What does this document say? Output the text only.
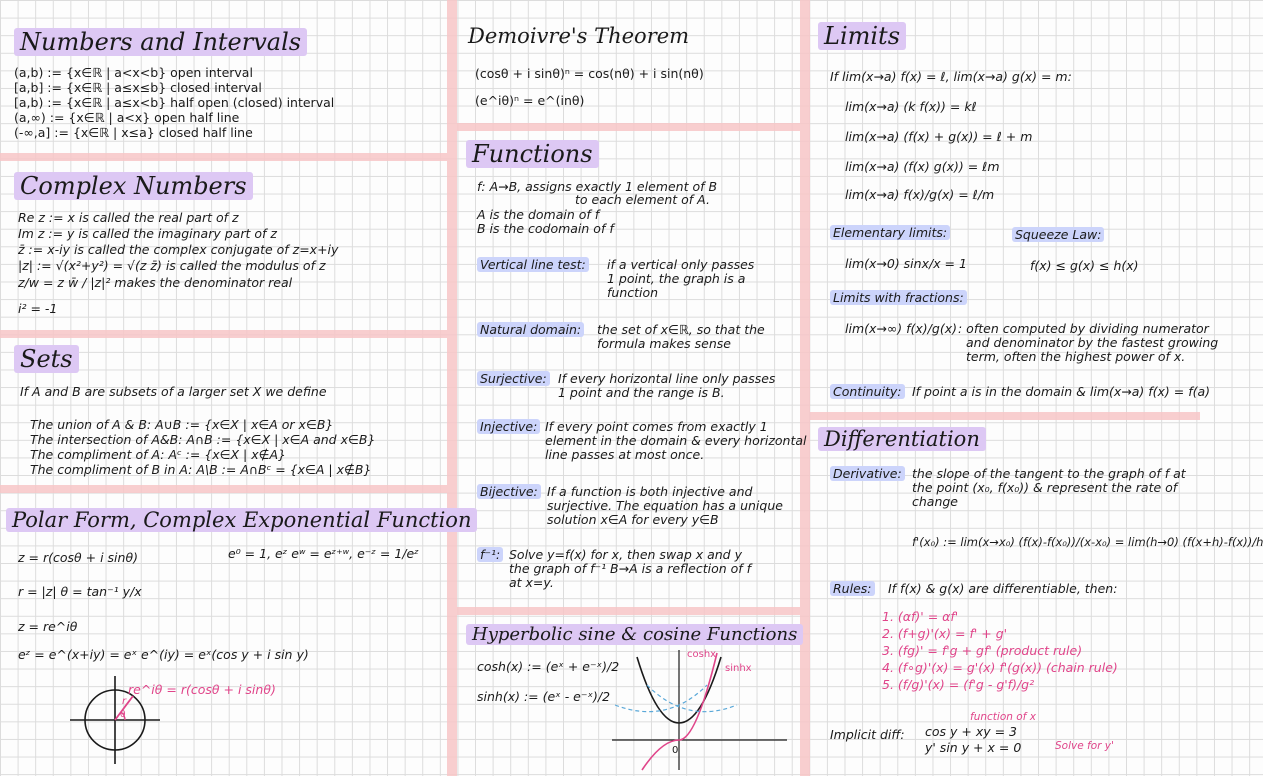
Numbers and Intervals
(a,b) := {x∈ℝ | a<x<b} open interval
[a,b] := {x∈ℝ | a≤x≤b} closed interval
[a,b) := {x∈ℝ | a≤x<b} half open (closed) interval
(a,∞) := {x∈ℝ | a<x} open half line
(-∞,a] := {x∈ℝ | x≤a} closed half line
Complex Numbers
Re z := x is called the real part of z
Im z := y is called the imaginary part of z
z̄ := x-iy is called the complex conjugate of z=x+iy
|z| := √(x²+y²) = √(z z̄) is called the modulus of z
z/w = z w̄ / |z|² makes the denominator real
i² = -1
Sets
If A and B are subsets of a larger set X we define
The union of A & B: A∪B := {x∈X | x∈A or x∈B}
The intersection of A&B: A∩B := {x∈X | x∈A and x∈B}
The compliment of A: Aᶜ := {x∈X | x∉A}
The compliment of B in A: A\B := A∩Bᶜ = {x∈A | x∉B}
Polar Form, Complex Exponential Function
z = r(cosθ + i sinθ)	e⁰ = 1, eᶻ eʷ = eᶻ⁺ʷ, e⁻ᶻ = 1/eᶻ
r = |z| θ = tan⁻¹ y/x
z = re^iθ
eᶻ = e^(x+iy) = eˣ e^(iy) = eˣ(cos y + i sin y)
r
θ
re^iθ = r(cosθ + i sinθ)
Demoivre's Theorem
(cosθ + i sinθ)ⁿ = cos(nθ) + i sin(nθ)
(e^iθ)ⁿ = e^(inθ)
Functions
f: A→B, assigns exactly 1 element of B
to each element of A.
A is the domain of f
B is the codomain of f
Vertical line test: if a vertical only passes
1 point, the graph is a
function
Natural domain: the set of x∈ℝ, so that the
formula makes sense
Surjective: If every horizontal line only passes
1 point and the range is B.
Injective: If every point comes from exactly 1
element in the domain & every horizontal
line passes at most once.
Bijective: If a function is both injective and
surjective. The equation has a unique
solution x∈A for every y∈B
f⁻¹: Solve y=f(x) for x, then swap x and y
the graph of f⁻¹ B→A is a reflection of f
at x=y.
Hyperbolic sine & cosine Functions
cosh(x) := (eˣ + e⁻ˣ)/2
sinh(x) := (eˣ - e⁻ˣ)/2
coshx
sinhx
0
Limits
If lim(x→a) f(x) = ℓ, lim(x→a) g(x) = m:
lim(x→a) (k f(x)) = kℓ
lim(x→a) (f(x) + g(x)) = ℓ + m
lim(x→a) (f(x) g(x)) = ℓm
lim(x→a) f(x)/g(x) = ℓ/m
Elementary limits:	Squeeze Law:
lim(x→0) sinx/x = 1	f(x) ≤ g(x) ≤ h(x)
Limits with fractions:
lim(x→∞) f(x)/g(x) : often computed by dividing numerator
and denominator by the fastest growing
term, often the highest power of x.
Continuity: If point a is in the domain & lim(x→a) f(x) = f(a)
Differentiation
Derivative: the slope of the tangent to the graph of f at
the point (x₀, f(x₀)) & represent the rate of
change
f'(x₀) := lim(x→x₀) (f(x)-f(x₀))/(x-x₀) = lim(h→0) (f(x+h)-f(x))/h
Rules: If f(x) & g(x) are differentiable, then:
1. (αf)' = αf'
2. (f+g)'(x) = f' + g'
3. (fg)' = f'g + gf' (product rule)
4. (f∘g)'(x) = g'(x) f'(g(x)) (chain rule)
5. (f/g)'(x) = (f'g - g'f)/g²
function of x
Implicit diff: cos y + xy = 3
y' sin y + x = 0	Solve for y'
